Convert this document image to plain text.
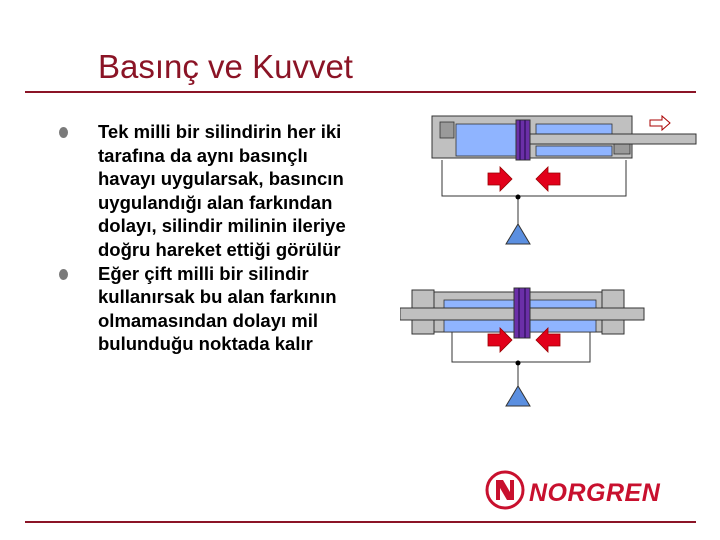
Basınç ve Kuvvet
Tek milli bir silindirin her iki tarafına da aynı basınçlı havayı uygularsak, basıncın uygulandığı alan farkından dolayı, silindir milinin ileriye doğru hareket ettiği görülür
Eğer çift milli bir silindir kullanırsak bu alan farkının olmamasından dolayı mil bulunduğu noktada kalır
NORGREN
